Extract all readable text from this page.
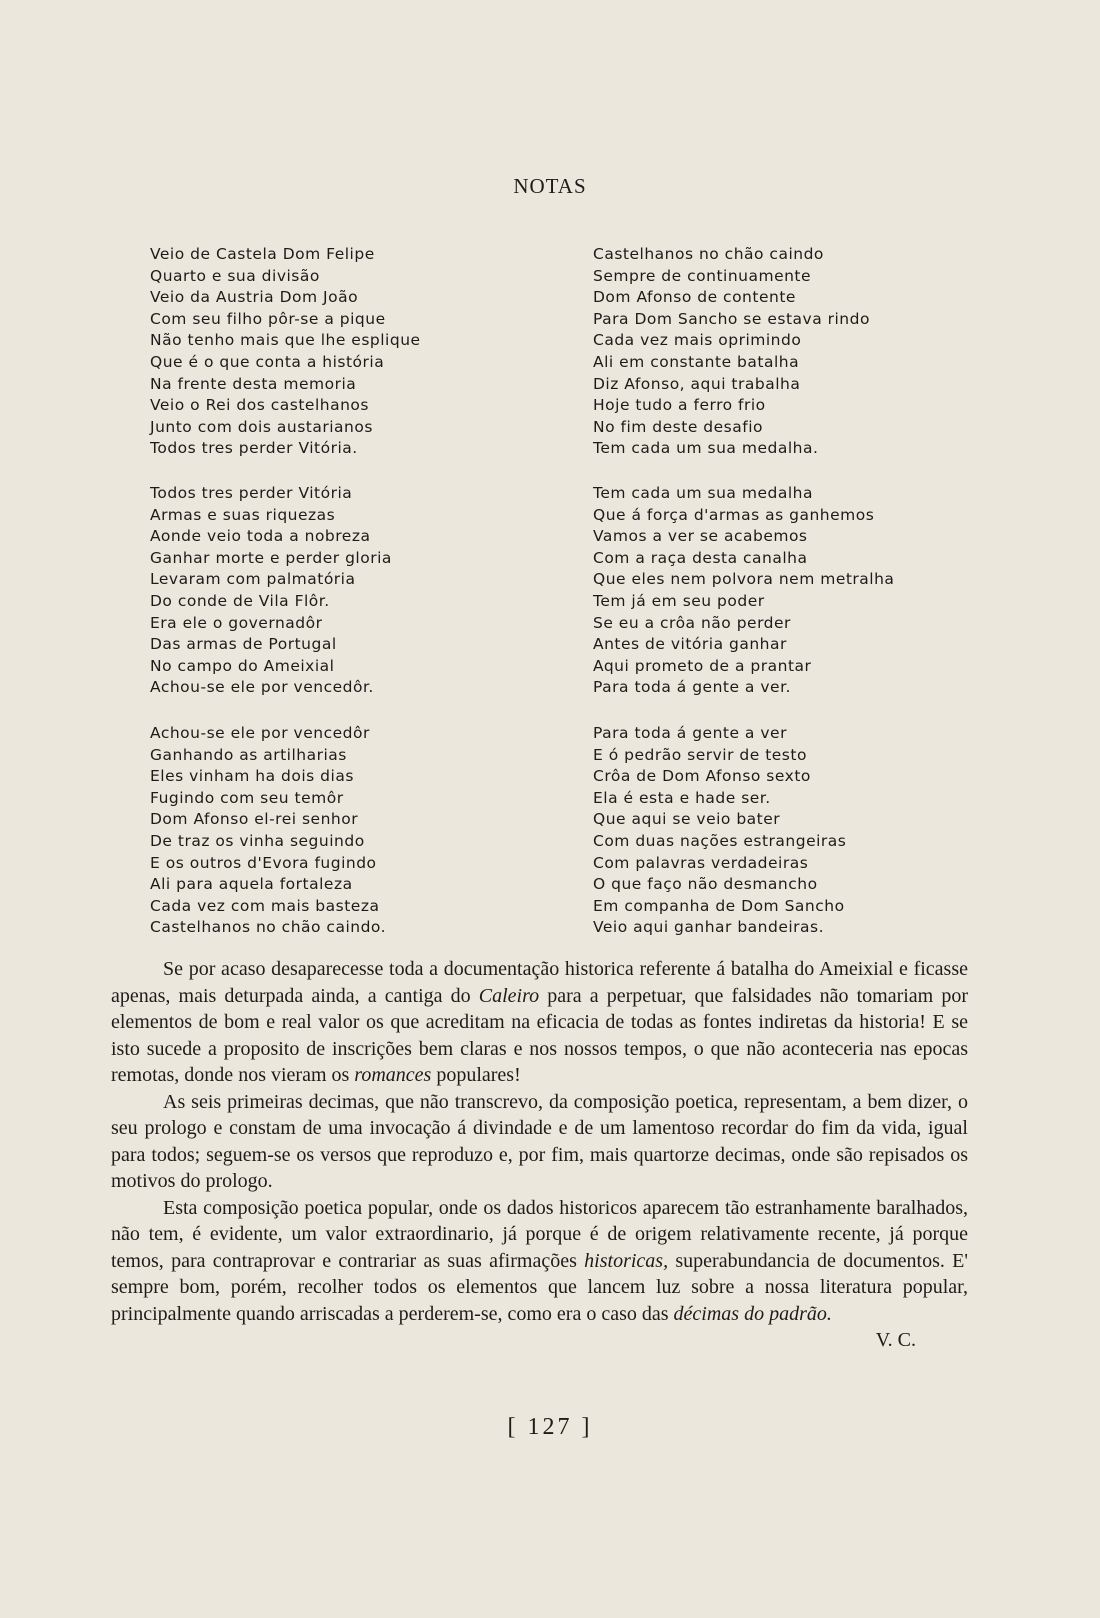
NOTAS
Veio de Castela Dom Felipe
Quarto e sua divisão
Veio da Austria Dom João
Com seu filho pôr-se a pique
Não tenho mais que lhe esplique
Que é o que conta a história
Na frente desta memoria
Veio o Rei dos castelhanos
Junto com dois austarianos
Todos tres perder Vitória.
Todos tres perder Vitória
Armas e suas riquezas
Aonde veio toda a nobreza
Ganhar morte e perder gloria
Levaram com palmatória
Do conde de Vila Flôr.
Era ele o governadôr
Das armas de Portugal
No campo do Ameixial
Achou-se ele por vencedôr.
Achou-se ele por vencedôr
Ganhando as artilharias
Eles vinham ha dois dias
Fugindo com seu temôr
Dom Afonso el-rei senhor
De traz os vinha seguindo
E os outros d'Evora fugindo
Ali para aquela fortaleza
Cada vez com mais basteza
Castelhanos no chão caindo.
Castelhanos no chão caindo
Sempre de continuamente
Dom Afonso de contente
Para Dom Sancho se estava rindo
Cada vez mais oprimindo
Ali em constante batalha
Diz Afonso, aqui trabalha
Hoje tudo a ferro frio
No fim deste desafio
Tem cada um sua medalha.
Tem cada um sua medalha
Que á força d'armas as ganhemos
Vamos a ver se acabemos
Com a raça desta canalha
Que eles nem polvora nem metralha
Tem já em seu poder
Se eu a crôa não perder
Antes de vitória ganhar
Aqui prometo de a prantar
Para toda á gente a ver.
Para toda á gente a ver
E ó pedrão servir de testo
Crôa de Dom Afonso sexto
Ela é esta e hade ser.
Que aqui se veio bater
Com duas nações estrangeiras
Com palavras verdadeiras
O que faço não desmancho
Em companha de Dom Sancho
Veio aqui ganhar bandeiras.

Se por acaso desaparecesse toda a documentação historica referente á batalha do Ameixial e ficasse apenas, mais deturpada ainda, a cantiga do Caleiro para a perpetuar, que falsidades não tomariam por elementos de bom e real valor os que acreditam na eficacia de todas as fontes indiretas da historia! E se isto sucede a proposito de inscrições bem claras e nos nossos tempos, o que não aconteceria nas epocas remotas, donde nos vieram os romances populares!

As seis primeiras decimas, que não transcrevo, da composição poetica, representam, a bem dizer, o seu prologo e constam de uma invocação á divindade e de um lamentoso recordar do fim da vida, igual para todos; seguem-se os versos que reproduzo e, por fim, mais quartorze decimas, onde são repisados os motivos do prologo.

Esta composição poetica popular, onde os dados historicos aparecem tão estranhamente baralhados, não tem, é evidente, um valor extraordinario, já porque é de origem relativamente recente, já porque temos, para contraprovar e contrariar as suas afirmações historicas, superabundancia de documentos. E' sempre bom, porém, recolher todos os elementos que lancem luz sobre a nossa literatura popular, principalmente quando arriscadas a perderem-se, como era o caso das décimas do padrão.
V. C.

[ 127 ]
